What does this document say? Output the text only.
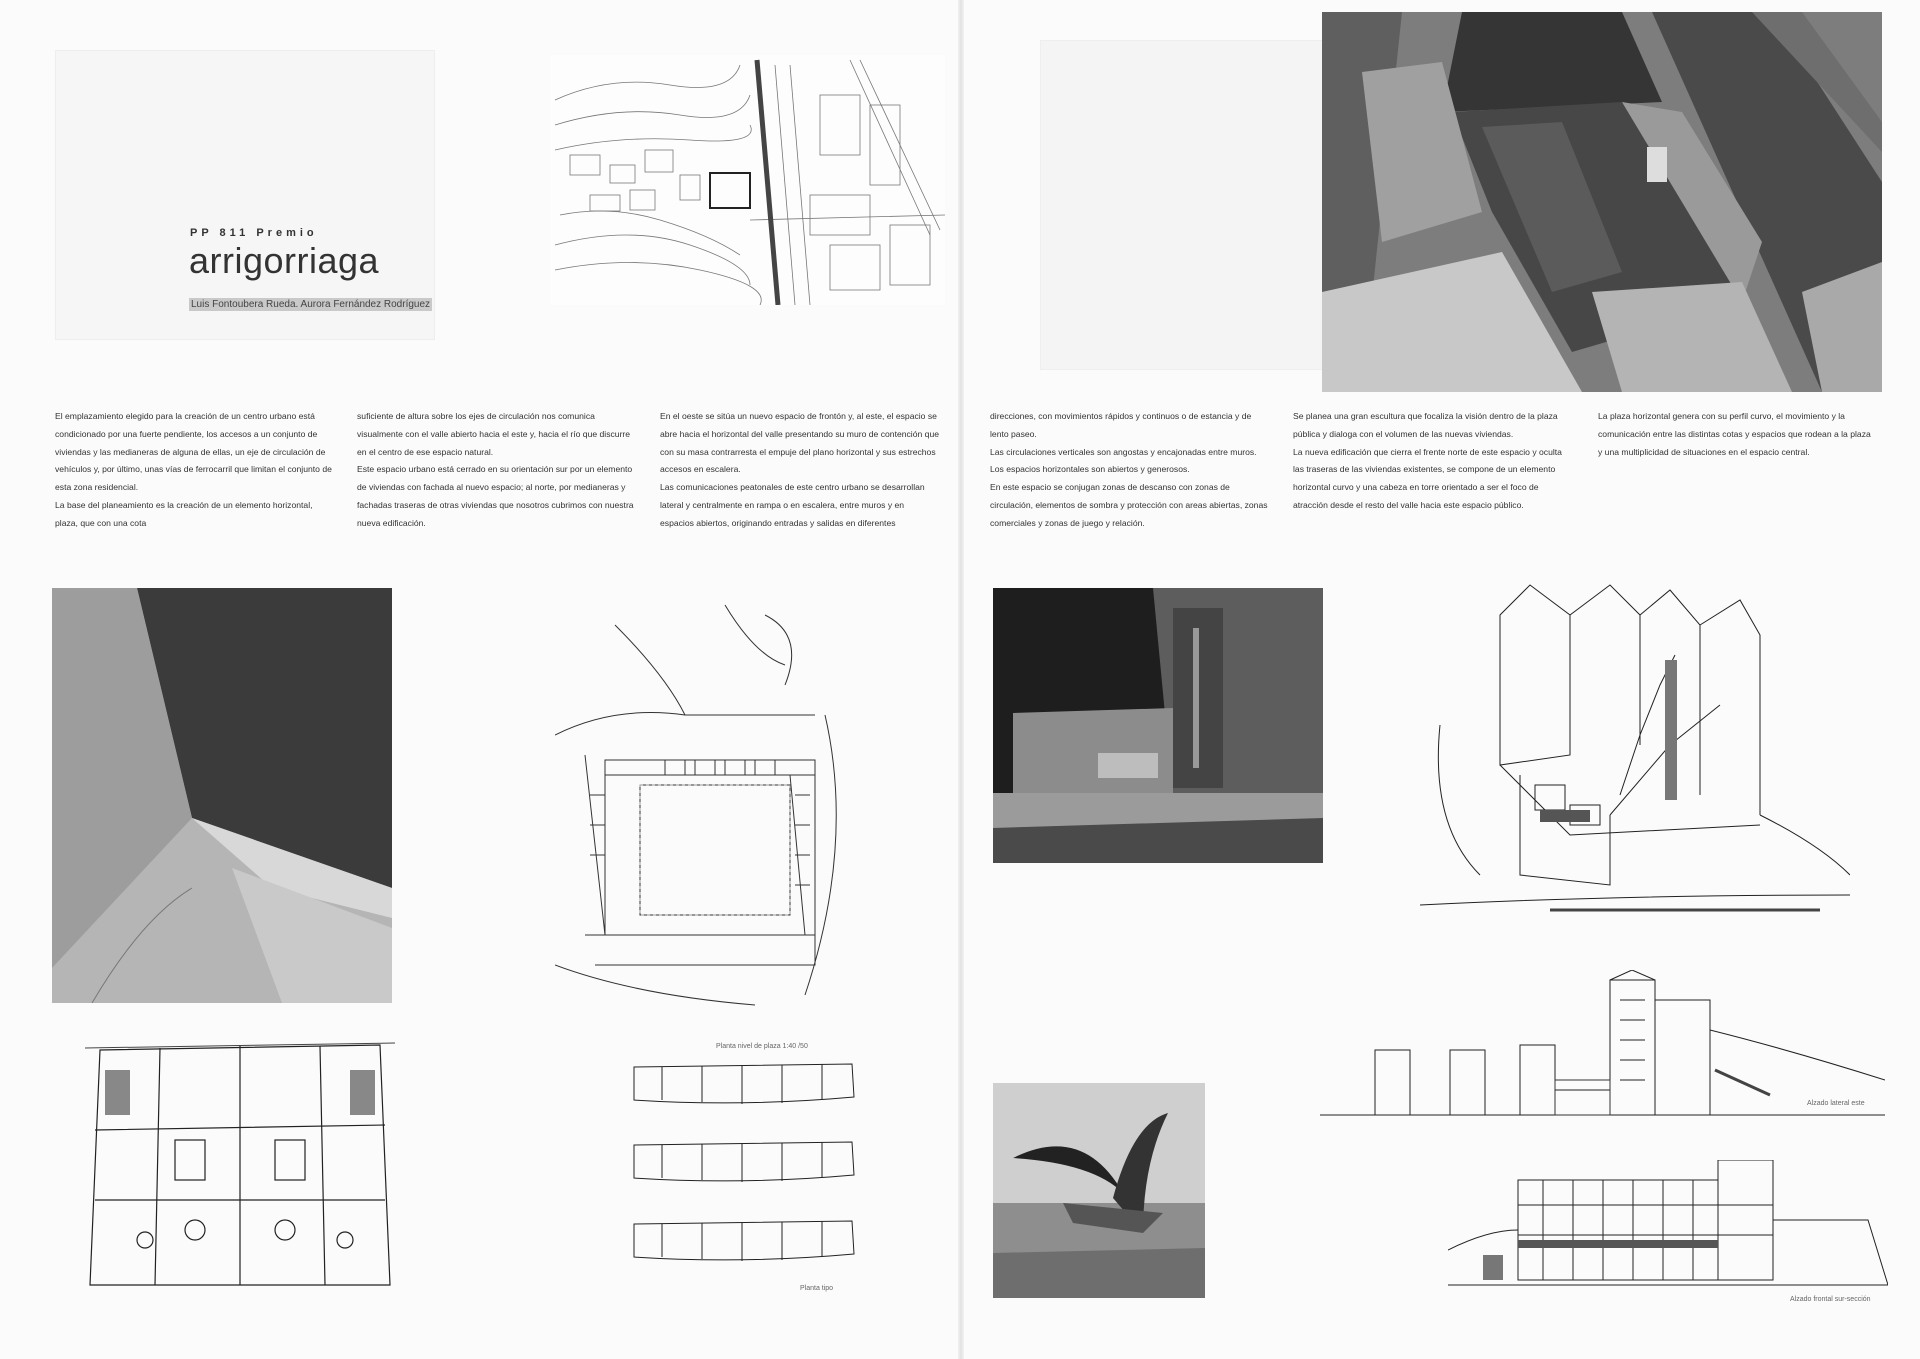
PP 811 Premio
arrigorriaga
Luis Fontoubera Rueda. Aurora Fernández Rodríguez

El emplazamiento elegido para la creación de un centro urbano está condicionado por una fuerte pendiente, los accesos a un conjunto de viviendas y las medianeras de alguna de ellas, un eje de circulación de vehículos y, por último, unas vías de ferrocarril que limitan el conjunto de esta zona residencial.

La base del planeamiento es la creación de un elemento horizontal, plaza, que con una cota

suficiente de altura sobre los ejes de circulación nos comunica visualmente con el valle abierto hacia el este y, hacia el río que discurre en el centro de ese espacio natural.

Este espacio urbano está cerrado en su orientación sur por un elemento de viviendas con fachada al nuevo espacio; al norte, por medianeras y fachadas traseras de otras viviendas que nosotros cubrimos con nuestra nueva edificación.

En el oeste se sitúa un nuevo espacio de frontón y, al este, el espacio se abre hacia el horizontal del valle presentando su muro de contención que con su masa contrarresta el empuje del plano horizontal y sus estrechos accesos en escalera.

Las comunicaciones peatonales de este centro urbano se desarrollan lateral y centralmente en rampa o en escalera, entre muros y en espacios abiertos, originando entradas y salidas en diferentes

direcciones, con movimientos rápidos y continuos o de estancia y de lento paseo.

Las circulaciones verticales son angostas y encajonadas entre muros.

Los espacios horizontales son abiertos y generosos.

En este espacio se conjugan zonas de descanso con zonas de circulación, elementos de sombra y protección con areas abiertas, zonas comerciales y zonas de juego y relación.

Se planea una gran escultura que focaliza la visión dentro de la plaza pública y dialoga con el volumen de las nuevas viviendas.

La nueva edificación que cierra el frente norte de este espacio y oculta las traseras de las viviendas existentes, se compone de un elemento horizontal curvo y una cabeza en torre orientado a ser el foco de atracción desde el resto del valle hacia este espacio público.

La plaza horizontal genera con su perfil curvo, el movimiento y la comunicación entre las distintas cotas y espacios que rodean a la plaza y una multiplicidad de situaciones en el espacio central.

Planta nivel de plaza 1:40 /50
Planta tipo
Alzado lateral este
Alzado frontal sur-sección
